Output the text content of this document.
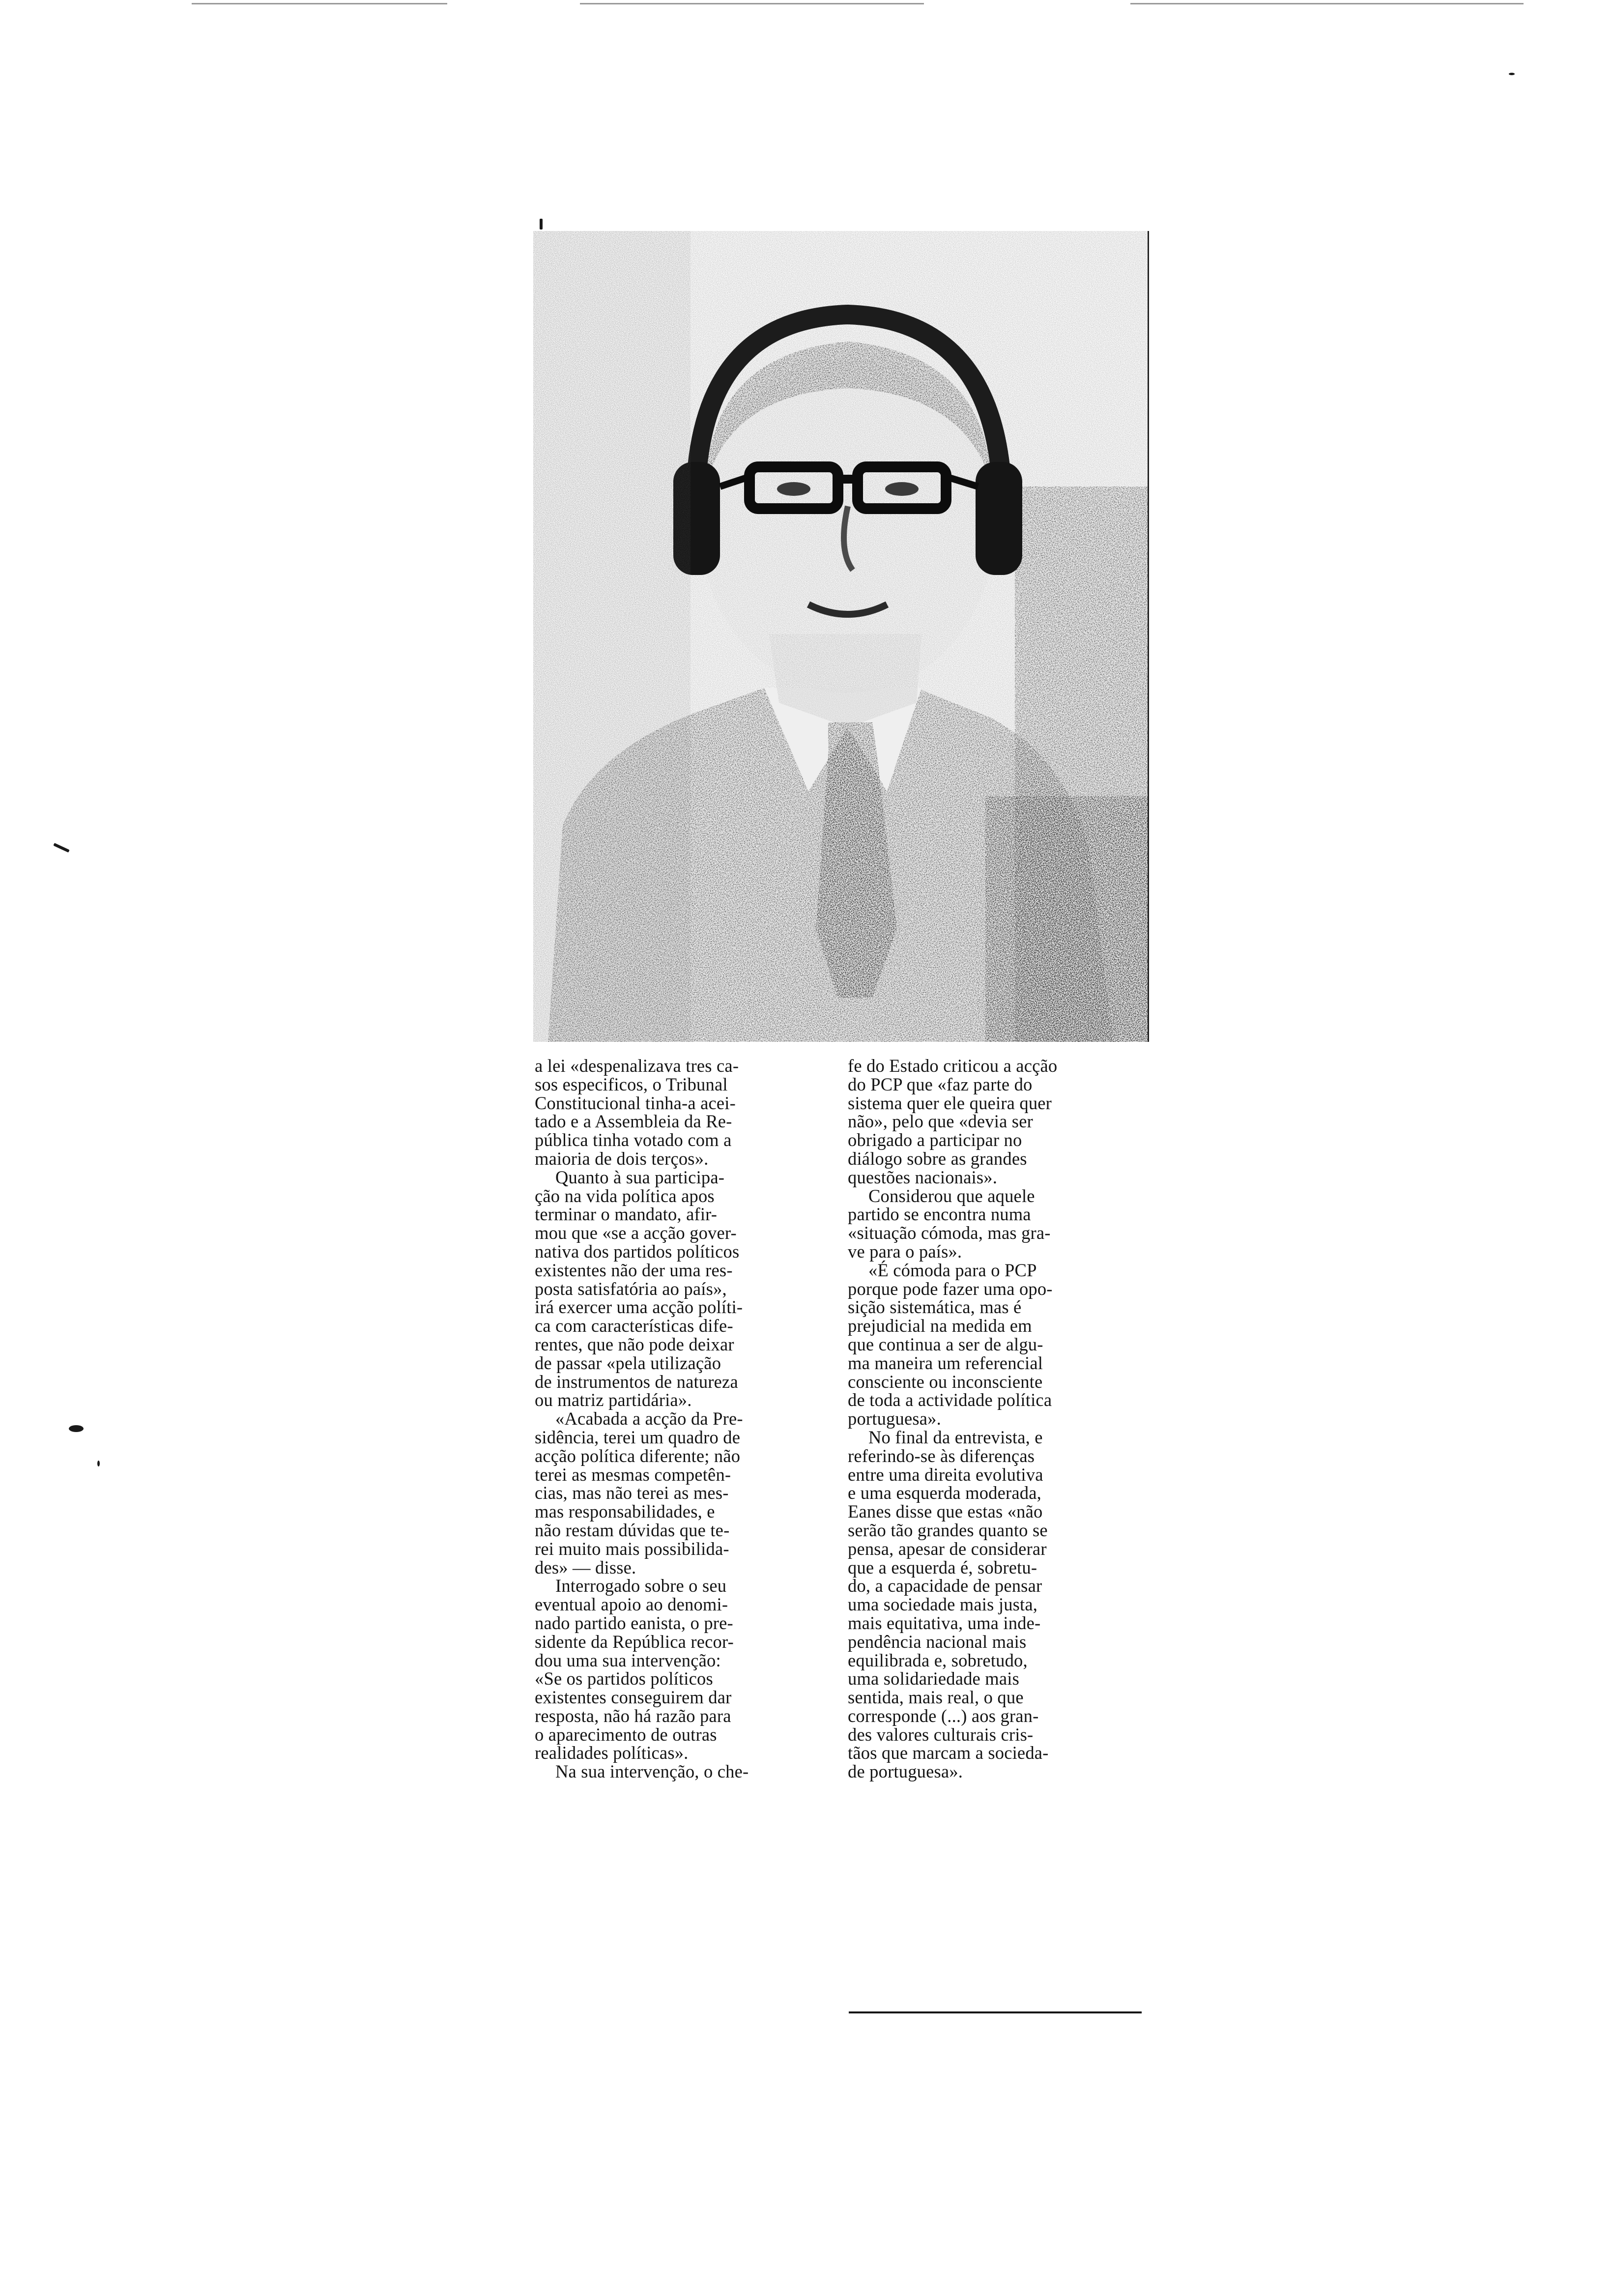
a lei «despenalizava tres ca-

sos especificos, o Tribunal

Constitucional tinha-a acei-

tado e a Assembleia da Re-

pública tinha votado com a

maioria de dois terços».

Quanto à sua participa-

ção na vida política apos

terminar o mandato, afir-

mou que «se a acção gover-

nativa dos partidos políticos

existentes não der uma res-

posta satisfatória ao país»,

irá exercer uma acção políti-

ca com características dife-

rentes, que não pode deixar

de passar «pela utilização

de instrumentos de natureza

ou matriz partidária».

«Acabada a acção da Pre-

sidência, terei um quadro de

acção política diferente; não

terei as mesmas competên-

cias, mas não terei as mes-

mas responsabilidades, e

não restam dúvidas que te-

rei muito mais possibilida-

des» — disse.

Interrogado sobre o seu

eventual apoio ao denomi-

nado partido eanista, o pre-

sidente da República recor-

dou uma sua intervenção:

«Se os partidos políticos

existentes conseguirem dar

resposta, não há razão para

o aparecimento de outras

realidades políticas».

Na sua intervenção, o che-

fe do Estado criticou a acção

do PCP que «faz parte do

sistema quer ele queira quer

não», pelo que «devia ser

obrigado a participar no

diálogo sobre as grandes

questões nacionais».

Considerou que aquele

partido se encontra numa

«situação cómoda, mas gra-

ve para o país».

«É cómoda para o PCP

porque pode fazer uma opo-

sição sistemática, mas é

prejudicial na medida em

que continua a ser de algu-

ma maneira um referencial

consciente ou inconsciente

de toda a actividade política

portuguesa».

No final da entrevista, e

referindo-se às diferenças

entre uma direita evolutiva

e uma esquerda moderada,

Eanes disse que estas «não

serão tão grandes quanto se

pensa, apesar de considerar

que a esquerda é, sobretu-

do, a capacidade de pensar

uma sociedade mais justa,

mais equitativa, uma inde-

pendência nacional mais

equilibrada e, sobretudo,

uma solidariedade mais

sentida, mais real, o que

corresponde (...) aos gran-

des valores culturais cris-

tãos que marcam a socieda-

de portuguesa».
